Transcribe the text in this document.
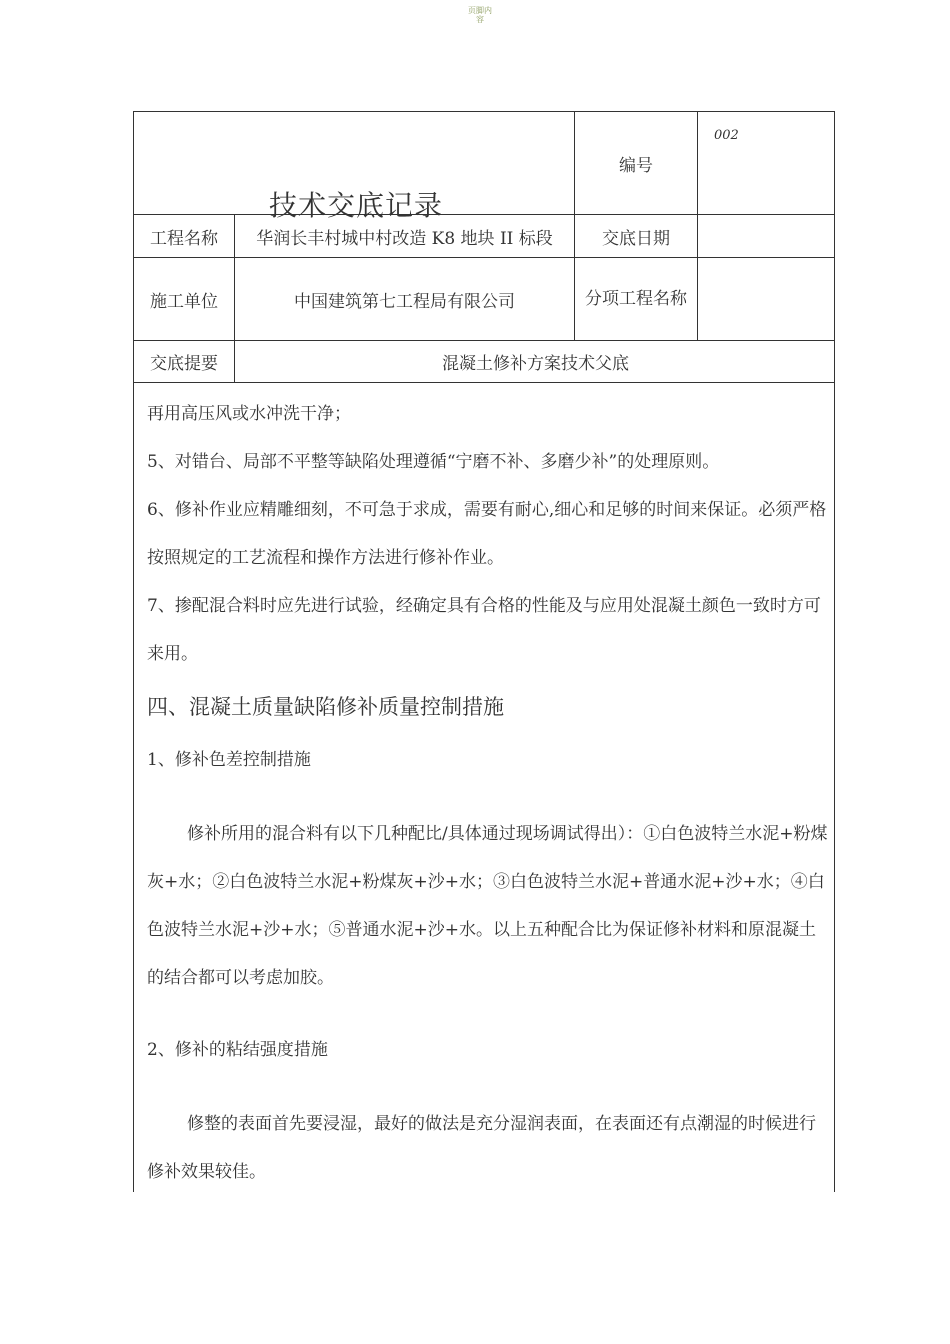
页脚内容
技术交底记录
编号
002
工程名称	华润长丰村城中村改造 K8 地块 II 标段	交底日期
施工单位	中国建筑第七工程局有限公司	分项工程名称
交底提要	混凝土修补方案技术父底

再用高压风或水冲洗干净；

5、对错台、局部不平整等缺陷处理遵循“宁磨不补、多磨少补”的处理原则。

6、修补作业应精雕细刻，不可急于求成，需要有耐心,细心和足够的时间来保证。必须严格按照规定的工艺流程和操作方法进行修补作业。

7、掺配混合料时应先进行试验，经确定具有合格的性能及与应用处混凝土颜色一致时方可来用。

四、混凝土质量缺陷修补质量控制措施

1、修补色差控制措施

修补所用的混合料有以下几种配比/具体通过现场调试得出）：①白色波特兰水泥+粉煤灰+水；②白色波特兰水泥+粉煤灰+沙+水；③白色波特兰水泥+普通水泥+沙+水；④白色波特兰水泥+沙+水；⑤普通水泥+沙+水。以上五种配合比为保证修补材料和原混凝土的结合都可以考虑加胶。

2、修补的粘结强度措施

修整的表面首先要浸湿，最好的做法是充分湿润表面，在表面还有点潮湿的时候进行修补效果较佳。
